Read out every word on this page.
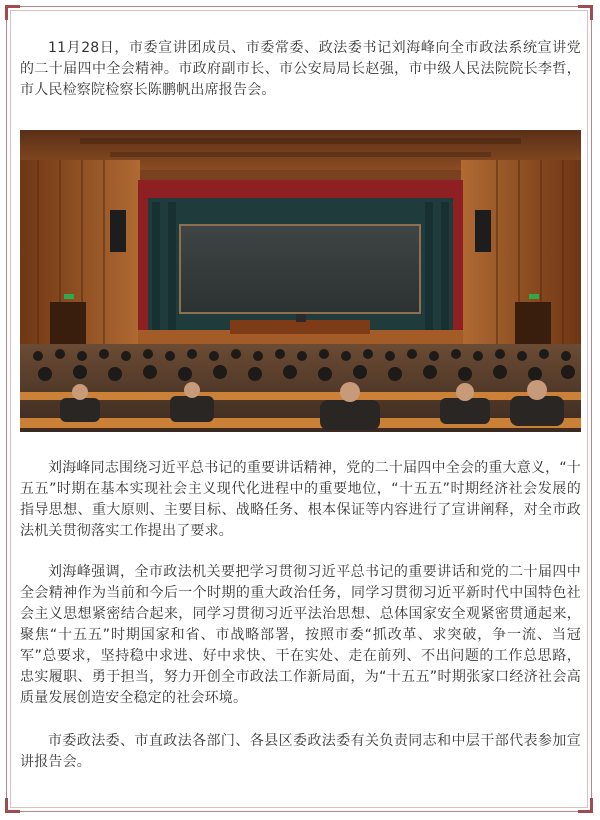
11月28日，市委宣讲团成员、市委常委、政法委书记刘海峰向全市政法系统宣讲党的二十届四中全会精神。市政府副市长、市公安局局长赵强，市中级人民法院院长李哲，市人民检察院检察长陈鹏帆出席报告会。

刘海峰同志围绕习近平总书记的重要讲话精神，党的二十届四中全会的重大意义，“十五五”时期在基本实现社会主义现代化进程中的重要地位，“十五五”时期经济社会发展的指导思想、重大原则、主要目标、战略任务、根本保证等内容进行了宣讲阐释，对全市政法机关贯彻落实工作提出了要求。

刘海峰强调，全市政法机关要把学习贯彻习近平总书记的重要讲话和党的二十届四中全会精神作为当前和今后一个时期的重大政治任务，同学习贯彻习近平新时代中国特色社会主义思想紧密结合起来，同学习贯彻习近平法治思想、总体国家安全观紧密贯通起来，聚焦“十五五”时期国家和省、市战略部署，按照市委“抓改革、求突破，争一流、当冠军”总要求，坚持稳中求进、好中求快、干在实处、走在前列、不出问题的工作总思路，忠实履职、勇于担当，努力开创全市政法工作新局面，为“十五五”时期张家口经济社会高质量发展创造安全稳定的社会环境。

市委政法委、市直政法各部门、各县区委政法委有关负责同志和中层干部代表参加宣讲报告会。
